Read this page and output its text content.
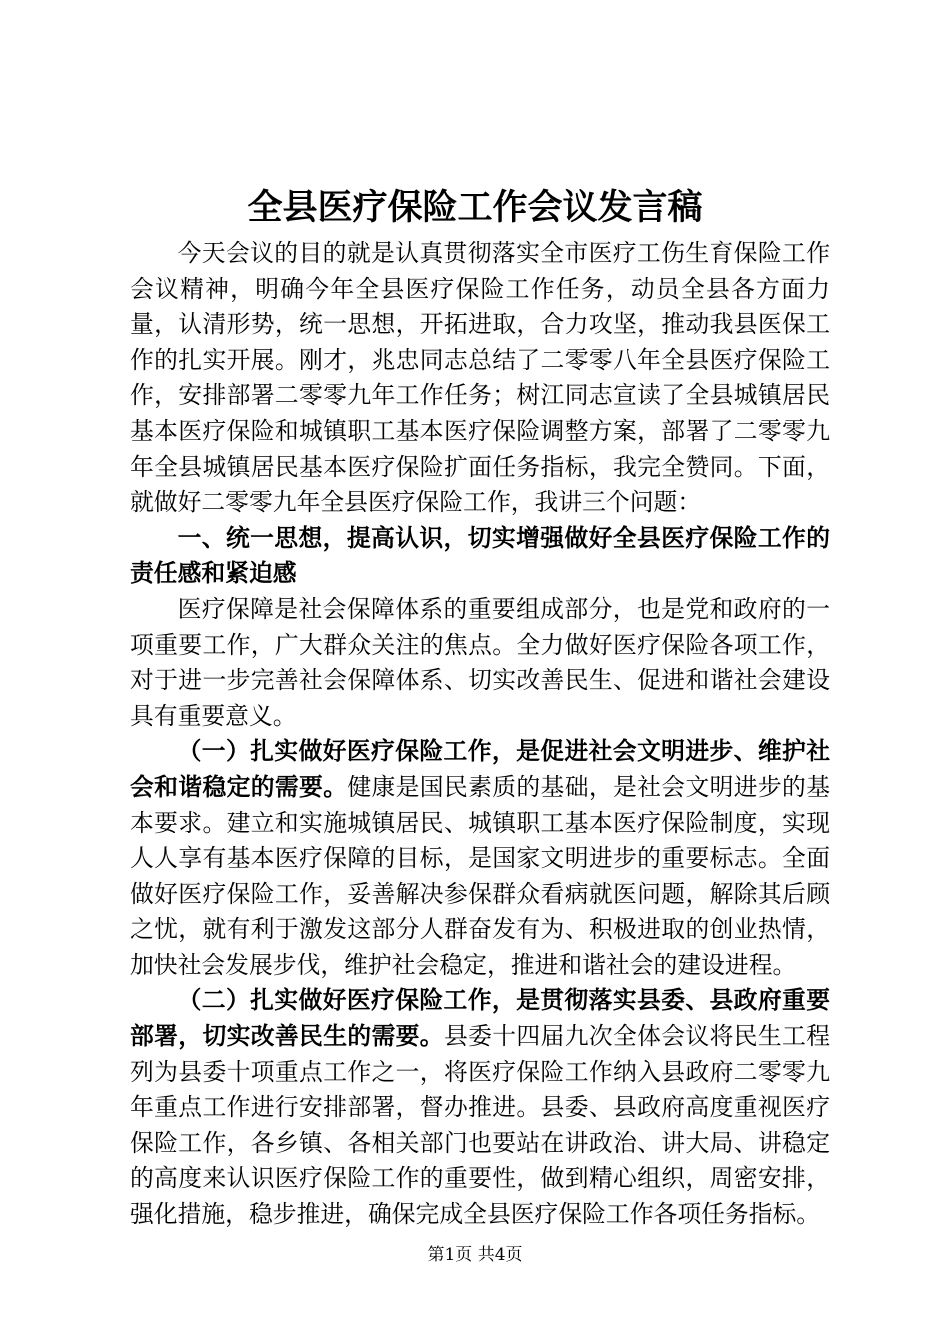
全县医疗保险工作会议发言稿

今天会议的目的就是认真贯彻落实全市医疗工伤生育保险工作会议精神，明确今年全县医疗保险工作任务，动员全县各方面力量，认清形势，统一思想，开拓进取，合力攻坚，推动我县医保工作的扎实开展。刚才，兆忠同志总结了二零零八年全县医疗保险工作，安排部署二零零九年工作任务；树江同志宣读了全县城镇居民基本医疗保险和城镇职工基本医疗保险调整方案，部署了二零零九年全县城镇居民基本医疗保险扩面任务指标，我完全赞同。下面，就做好二零零九年全县医疗保险工作，我讲三个问题：

一、统一思想，提高认识，切实增强做好全县医疗保险工作的责任感和紧迫感

医疗保障是社会保障体系的重要组成部分，也是党和政府的一项重要工作，广大群众关注的焦点。全力做好医疗保险各项工作，对于进一步完善社会保障体系、切实改善民生、促进和谐社会建设具有重要意义。

（一）扎实做好医疗保险工作，是促进社会文明进步、维护社会和谐稳定的需要。健康是国民素质的基础，是社会文明进步的基本要求。建立和实施城镇居民、城镇职工基本医疗保险制度，实现人人享有基本医疗保障的目标，是国家文明进步的重要标志。全面做好医疗保险工作，妥善解决参保群众看病就医问题，解除其后顾之忧，就有利于激发这部分人群奋发有为、积极进取的创业热情，加快社会发展步伐，维护社会稳定，推进和谐社会的建设进程。

（二）扎实做好医疗保险工作，是贯彻落实县委、县政府重要部署，切实改善民生的需要。县委十四届九次全体会议将民生工程列为县委十项重点工作之一，将医疗保险工作纳入县政府二零零九年重点工作进行安排部署，督办推进。县委、县政府高度重视医疗保险工作，各乡镇、各相关部门也要站在讲政治、讲大局、讲稳定的高度来认识医疗保险工作的重要性，做到精心组织，周密安排，强化措施，稳步推进，确保完成全县医疗保险工作各项任务指标。

第1页 共4页
